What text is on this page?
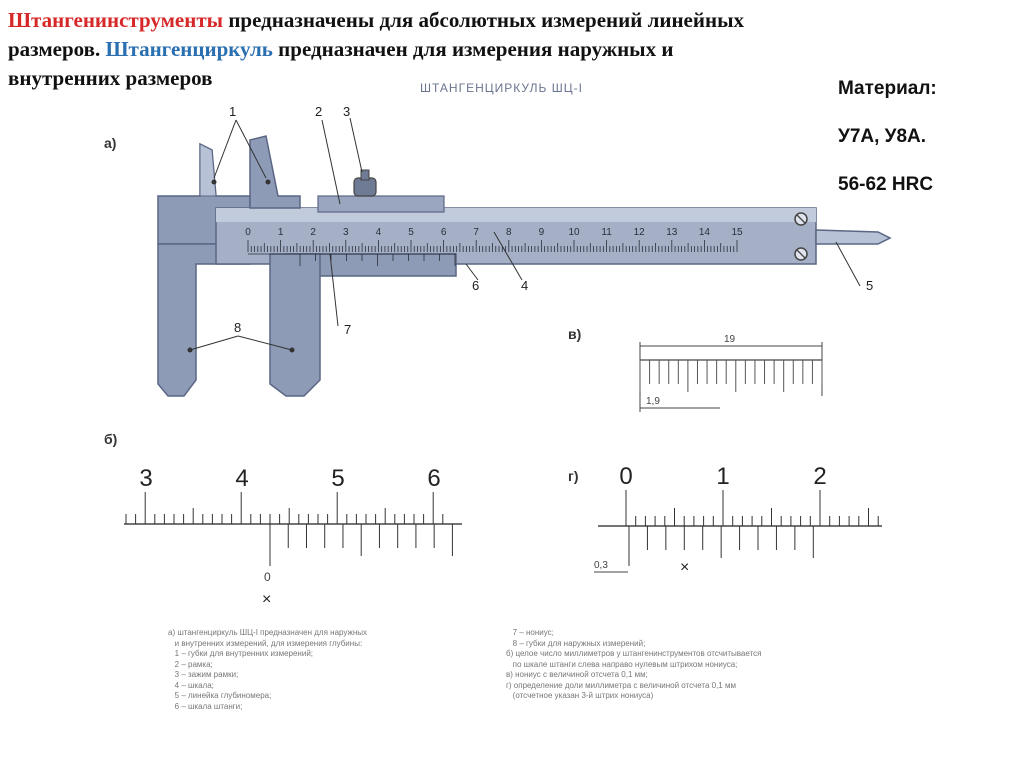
Штангенинструменты предназначены для абсолютных измерений линейных
размеров. Штангенциркуль предназначен для измерения наружных и
внутренних размеров	Материал:
У7А, У8А.
56-62 HRC
ШТАНГЕНЦИРКУЛЬ ШЦ-I
а)
б)
в)
г)
0	1	2	3	4	5	6	7	8	9 10 11 12 13 14 15
1	2 3
4	5
6
7
8
3	4	5	6
0
×
19
1,9
0	1	2
0,3	×
а) штангенциркуль ШЦ-I предназначен для наружных
и внутренних измерений, для измерения глубины:
1 – губки для внутренних измерений;
2 – рамка;
3 – зажим рамки;
4 – шкала;
5 – линейка глубиномера;
6 – шкала штанги;
7 – нониус;
8 – губки для наружных измерений;
б) целое число миллиметров у штангенинструментов отсчитывается
по шкале штанги слева направо нулевым штрихом нониуса;
в) нониус с величиной отсчета 0,1 мм;
г) определение доли миллиметра с величиной отсчета 0,1 мм
(отсчетное указан 3-й штрих нониуса)
